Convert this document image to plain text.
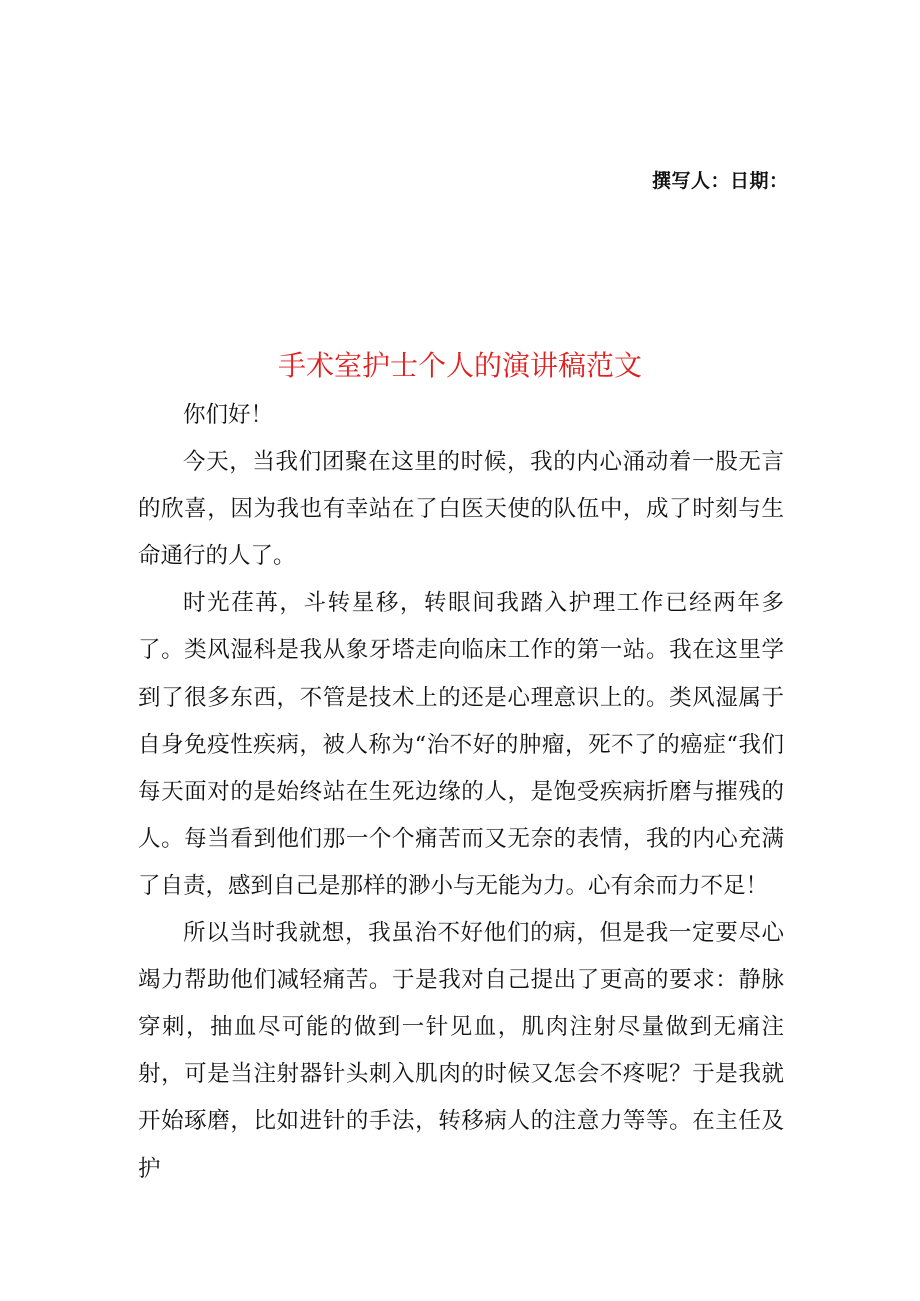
撰写人：日期：
手术室护士个人的演讲稿范文

你们好！

今天，当我们团聚在这里的时候，我的内心涌动着一股无言的欣喜，因为我也有幸站在了白医天使的队伍中，成了时刻与生命通行的人了。

时光荏苒，斗转星移，转眼间我踏入护理工作已经两年多了。类风湿科是我从象牙塔走向临床工作的第一站。我在这里学到了很多东西，不管是技术上的还是心理意识上的。类风湿属于自身免疫性疾病，被人称为“治不好的肿瘤，死不了的癌症“我们每天面对的是始终站在生死边缘的人，是饱受疾病折磨与摧残的人。每当看到他们那一个个痛苦而又无奈的表情，我的内心充满了自责，感到自己是那样的渺小与无能为力。心有余而力不足！

所以当时我就想，我虽治不好他们的病，但是我一定要尽心竭力帮助他们减轻痛苦。于是我对自己提出了更高的要求：静脉穿刺，抽血尽可能的做到一针见血，肌肉注射尽量做到无痛注射，可是当注射器针头刺入肌肉的时候又怎会不疼呢？于是我就开始琢磨，比如进针的手法，转移病人的注意力等等。在主任及护
